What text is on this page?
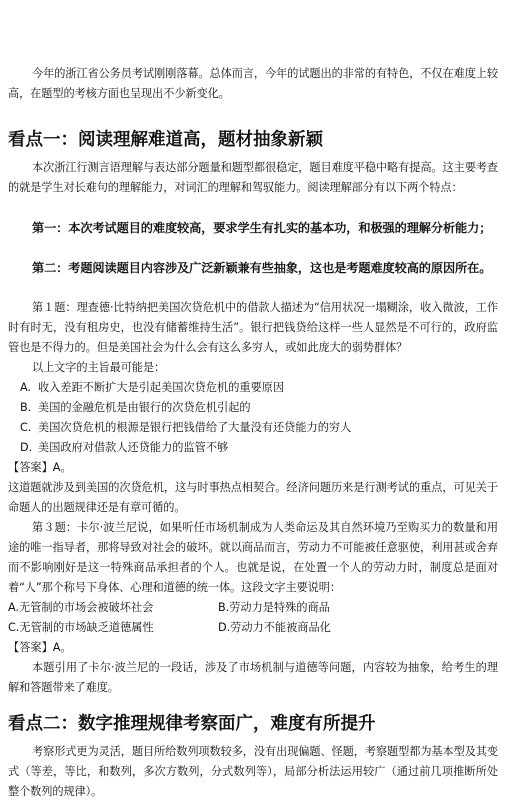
今年的浙江省公务员考试刚刚落幕。总体而言，今年的试题出的非常的有特色，不仅在难度上较高，在题型的考核方面也呈现出不少新变化。

看点一：阅读理解难道高，题材抽象新颖

本次浙江行测言语理解与表达部分题量和题型都很稳定，题目难度平稳中略有提高。这主要考查的就是学生对长难句的理解能力，对词汇的理解和驾驭能力。阅读理解部分有以下两个特点：

第一：本次考试题目的难度较高，要求学生有扎实的基本功，和极强的理解分析能力；

第二：考题阅读题目内容涉及广泛新颖兼有些抽象，这也是考题难度较高的原因所在。

第１题：理查德·比特纳把美国次贷危机中的借款人描述为“信用状况一塌糊涂，收入微波，工作时有时无，没有租房史，也没有储蓄维持生活”。银行把钱贷给这样一些人显然是不可行的，政府监管也是不得力的。但是美国社会为什么会有这么多穷人，或如此庞大的弱势群体？

以上文字的主旨最可能是：

A. 收入差距不断扩大是引起美国次贷危机的重要原因
B. 美国的金融危机是由银行的次贷危机引起的
C. 美国次贷危机的根源是银行把钱借给了大量没有还贷能力的穷人
D. 美国政府对借款人还贷能力的监管不够
【答案】A。

这道题就涉及到美国的次贷危机，这与时事热点相契合。经济问题历来是行测考试的重点，可见关于命题人的出题规律还是有章可循的。

第３题：卡尔·波兰尼说，如果听任市场机制成为人类命运及其自然环境乃至购买力的数量和用途的唯一指导者，那将导致对社会的破坏。就以商品而言，劳动力不可能被任意驱使，利用甚或舍弃而不影响刚好是这一特殊商品承担者的个人。也就是说，在处置一个人的劳动力时，制度总是面对着“人”那个称号下身体、心理和道德的统一体。这段文字主要说明：

A.无管制的市场会被破坏社会	B.劳动力是特殊的商品
C.无管制的市场缺乏道德属性	D.劳动力不能被商品化
【答案】A。

本题引用了卡尔·波兰尼的一段话，涉及了市场机制与道德等问题，内容较为抽象，给考生的理解和答题带来了难度。

看点二：数字推理规律考察面广，难度有所提升

考察形式更为灵活，题目所给数列项数较多，没有出现偏题、怪题，考察题型都为基本型及其变式（等差，等比，和数列，多次方数列，分式数列等），局部分析法运用较广（通过前几项推断所处整个数列的规律）。
